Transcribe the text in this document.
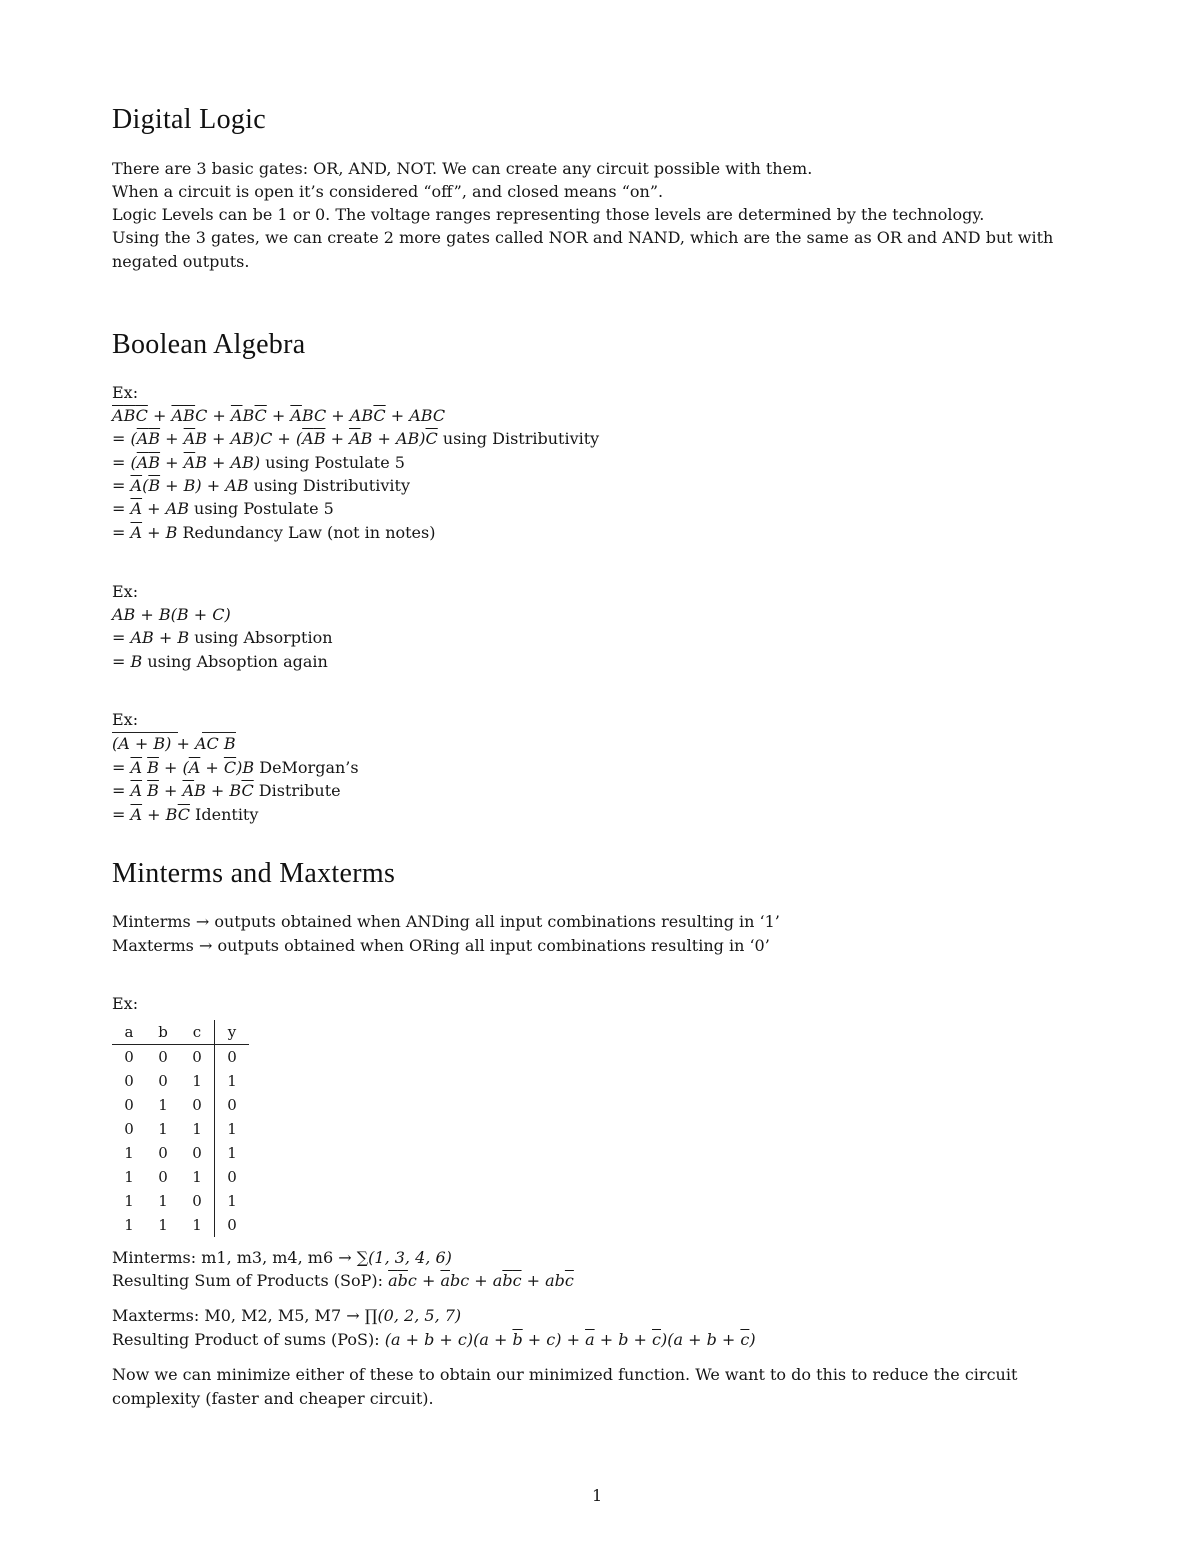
Digital Logic

There are 3 basic gates: OR, AND, NOT. We can create any circuit possible with them.

When a circuit is open it’s considered “off”, and closed means “on”.

Logic Levels can be 1 or 0. The voltage ranges representing those levels are determined by the technology.

Using the 3 gates, we can create 2 more gates called NOR and NAND, which are the same as OR and AND but with negated outputs.

Boolean Algebra

Ex:

$\overline{A}\overline{B}\overline{C} + \overline{A}\overline{B}C + \overline{A}B\overline{C} + \overline{A}BC + AB\overline{C}$ + ABC

= $(\overline{A}\overline{B} + \overline{A}B + AB)C + (\overline{A}\overline{B} + \overline{A}B + AB)\overline{C}$ using Distributivity

= $(\overline{A}\overline{B} + \overline{A}B + AB)$ using Postulate 5

= $\overline{A}(\overline{B} + B)$ + AB using Distributivity

= $\overline{A}$ + AB using Postulate 5

= $\overline{A} + B$ Redundancy Law (not in notes)

Ex:

AB + B(B + C)

= AB + B using Absorption

= B using Absoption again

Ex:

(A + B) + AC B

= $\overline{A}$ $\overline{B} + (\overline{A} + \overline{C})B$ DeMorgan’s

= $\overline{A}$ $\overline{B} + \overline{A}B + B\overline{C}$ Distribute

= $\overline{A} + B\overline{C}$ Identity

Minterms and Maxterms

Minterms → outputs obtained when ANDing all input combinations resulting in ‘1’

Maxterms → outputs obtained when ORing all input combinations resulting in ‘0’

Ex:

a	b	c	y
0	0	0	0
0	0	1	1
0	1	0	0
0	1	1	1
1	0	0	1
1	0	1	0
1	1	0	1
1	1	1	0

Minterms: m1, m3, m4, m6 → ∑(1, 3, 4, 6)

Resulting Sum of Products (SoP): $\overline{a}\overline{b}c + \overline{a}bc + a\overline{b}\overline{c} + ab\overline{c}$

Maxterms: M0, M2, M5, M7 → ∏(0, 2, 5, 7)

Resulting Product of sums (PoS): $(a + b + c)(a + \overline{b} + c) + \overline{a} + b + \overline{c})(a + b + \overline{c})$

Now we can minimize either of these to obtain our minimized function. We want to do this to reduce the circuit complexity (faster and cheaper circuit).

1
